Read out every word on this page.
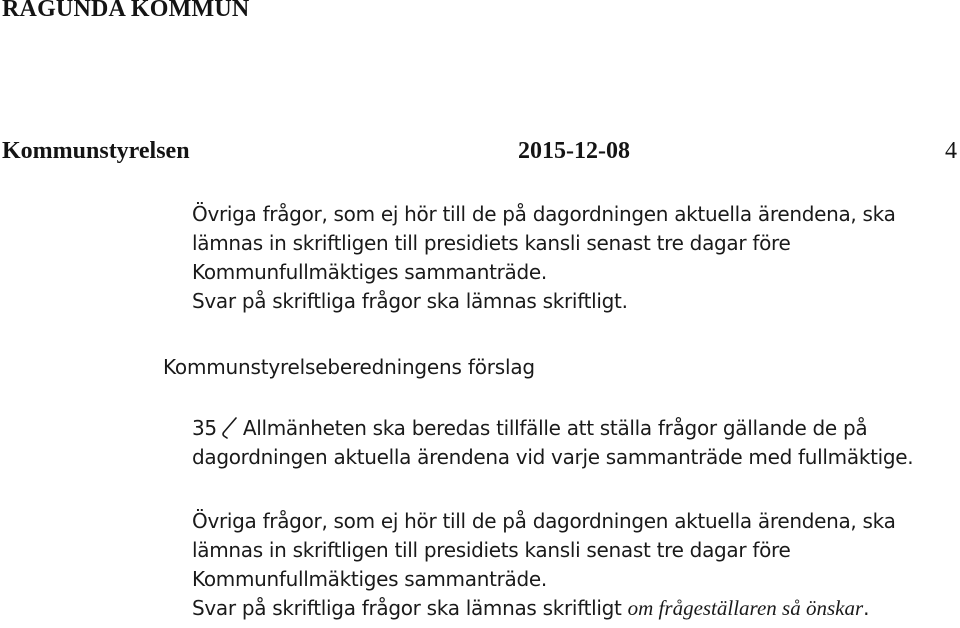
RAGUNDA KOMMUN
Kommunstyrelsen	2015-12-08	4
Övriga frågor, som ej hör till de på dagordningen aktuella ärendena, ska
lämnas in skriftligen till presidiets kansli senast tre dagar före
Kommunfullmäktiges sammanträde.
Svar på skriftliga frågor ska lämnas skriftligt.
Kommunstyrelseberedningens förslag
35 Allmänheten ska beredas tillfälle att ställa frågor gällande de på
dagordningen aktuella ärendena vid varje sammanträde med fullmäktige.
Övriga frågor, som ej hör till de på dagordningen aktuella ärendena, ska
lämnas in skriftligen till presidiets kansli senast tre dagar före
Kommunfullmäktiges sammanträde.
Svar på skriftliga frågor ska lämnas skriftligt om frågeställaren så önskar.
